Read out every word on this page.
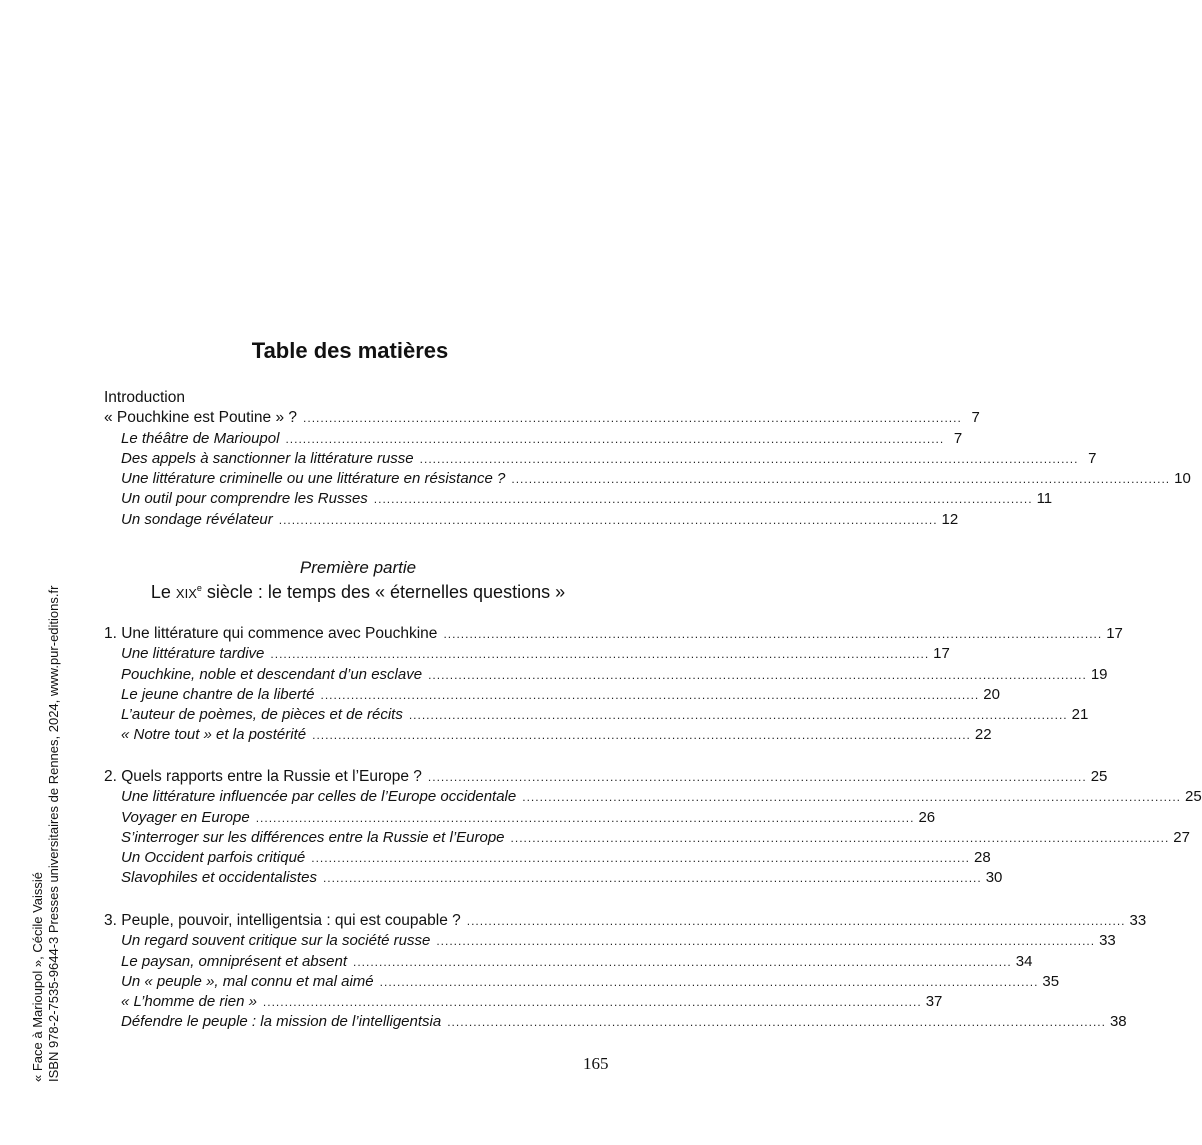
Table des matières
Introduction
« Pouchkine est Poutine » ? ........................................................................................................................................................ 7
Le théâtre de Marioupol ........................................................................................................................................................ 7
Des appels à sanctionner la littérature russe ........................................................................................................................................................ 7
Une littérature criminelle ou une littérature en résistance ? ........................................................................................................................................................ 10
Un outil pour comprendre les Russes ........................................................................................................................................................ 11
Un sondage révélateur ........................................................................................................................................................ 12
Première partie
Le xix$^e$ siècle : le temps des « éternelles questions »
1. Une littérature qui commence avec Pouchkine ........................................................................................................................................................ 17
Une littérature tardive ........................................................................................................................................................ 17
Pouchkine, noble et descendant d’un esclave ........................................................................................................................................................ 19
Le jeune chantre de la liberté ........................................................................................................................................................ 20
L’auteur de poèmes, de pièces et de récits ........................................................................................................................................................ 21
« Notre tout » et la postérité ........................................................................................................................................................ 22
2. Quels rapports entre la Russie et l’Europe ? ........................................................................................................................................................ 25
Une littérature influencée par celles de l’Europe occidentale ........................................................................................................................................................ 25
Voyager en Europe ........................................................................................................................................................ 26
S’interroger sur les différences entre la Russie et l’Europe ........................................................................................................................................................ 27
Un Occident parfois critiqué ........................................................................................................................................................ 28
Slavophiles et occidentalistes ........................................................................................................................................................ 30
3. Peuple, pouvoir, intelligentsia : qui est coupable ? ........................................................................................................................................................ 33
Un regard souvent critique sur la société russe ........................................................................................................................................................ 33
Le paysan, omniprésent et absent ........................................................................................................................................................ 34
Un « peuple », mal connu et mal aimé ........................................................................................................................................................ 35
« L’homme de rien » ........................................................................................................................................................ 37
Défendre le peuple : la mission de l’intelligentsia ........................................................................................................................................................ 38
165
« Face à Marioupol », Cécile Vaissié ISBN 978-2-7535-9644-3 Presses universitaires de Rennes, 2024, www.pur-editions.fr
